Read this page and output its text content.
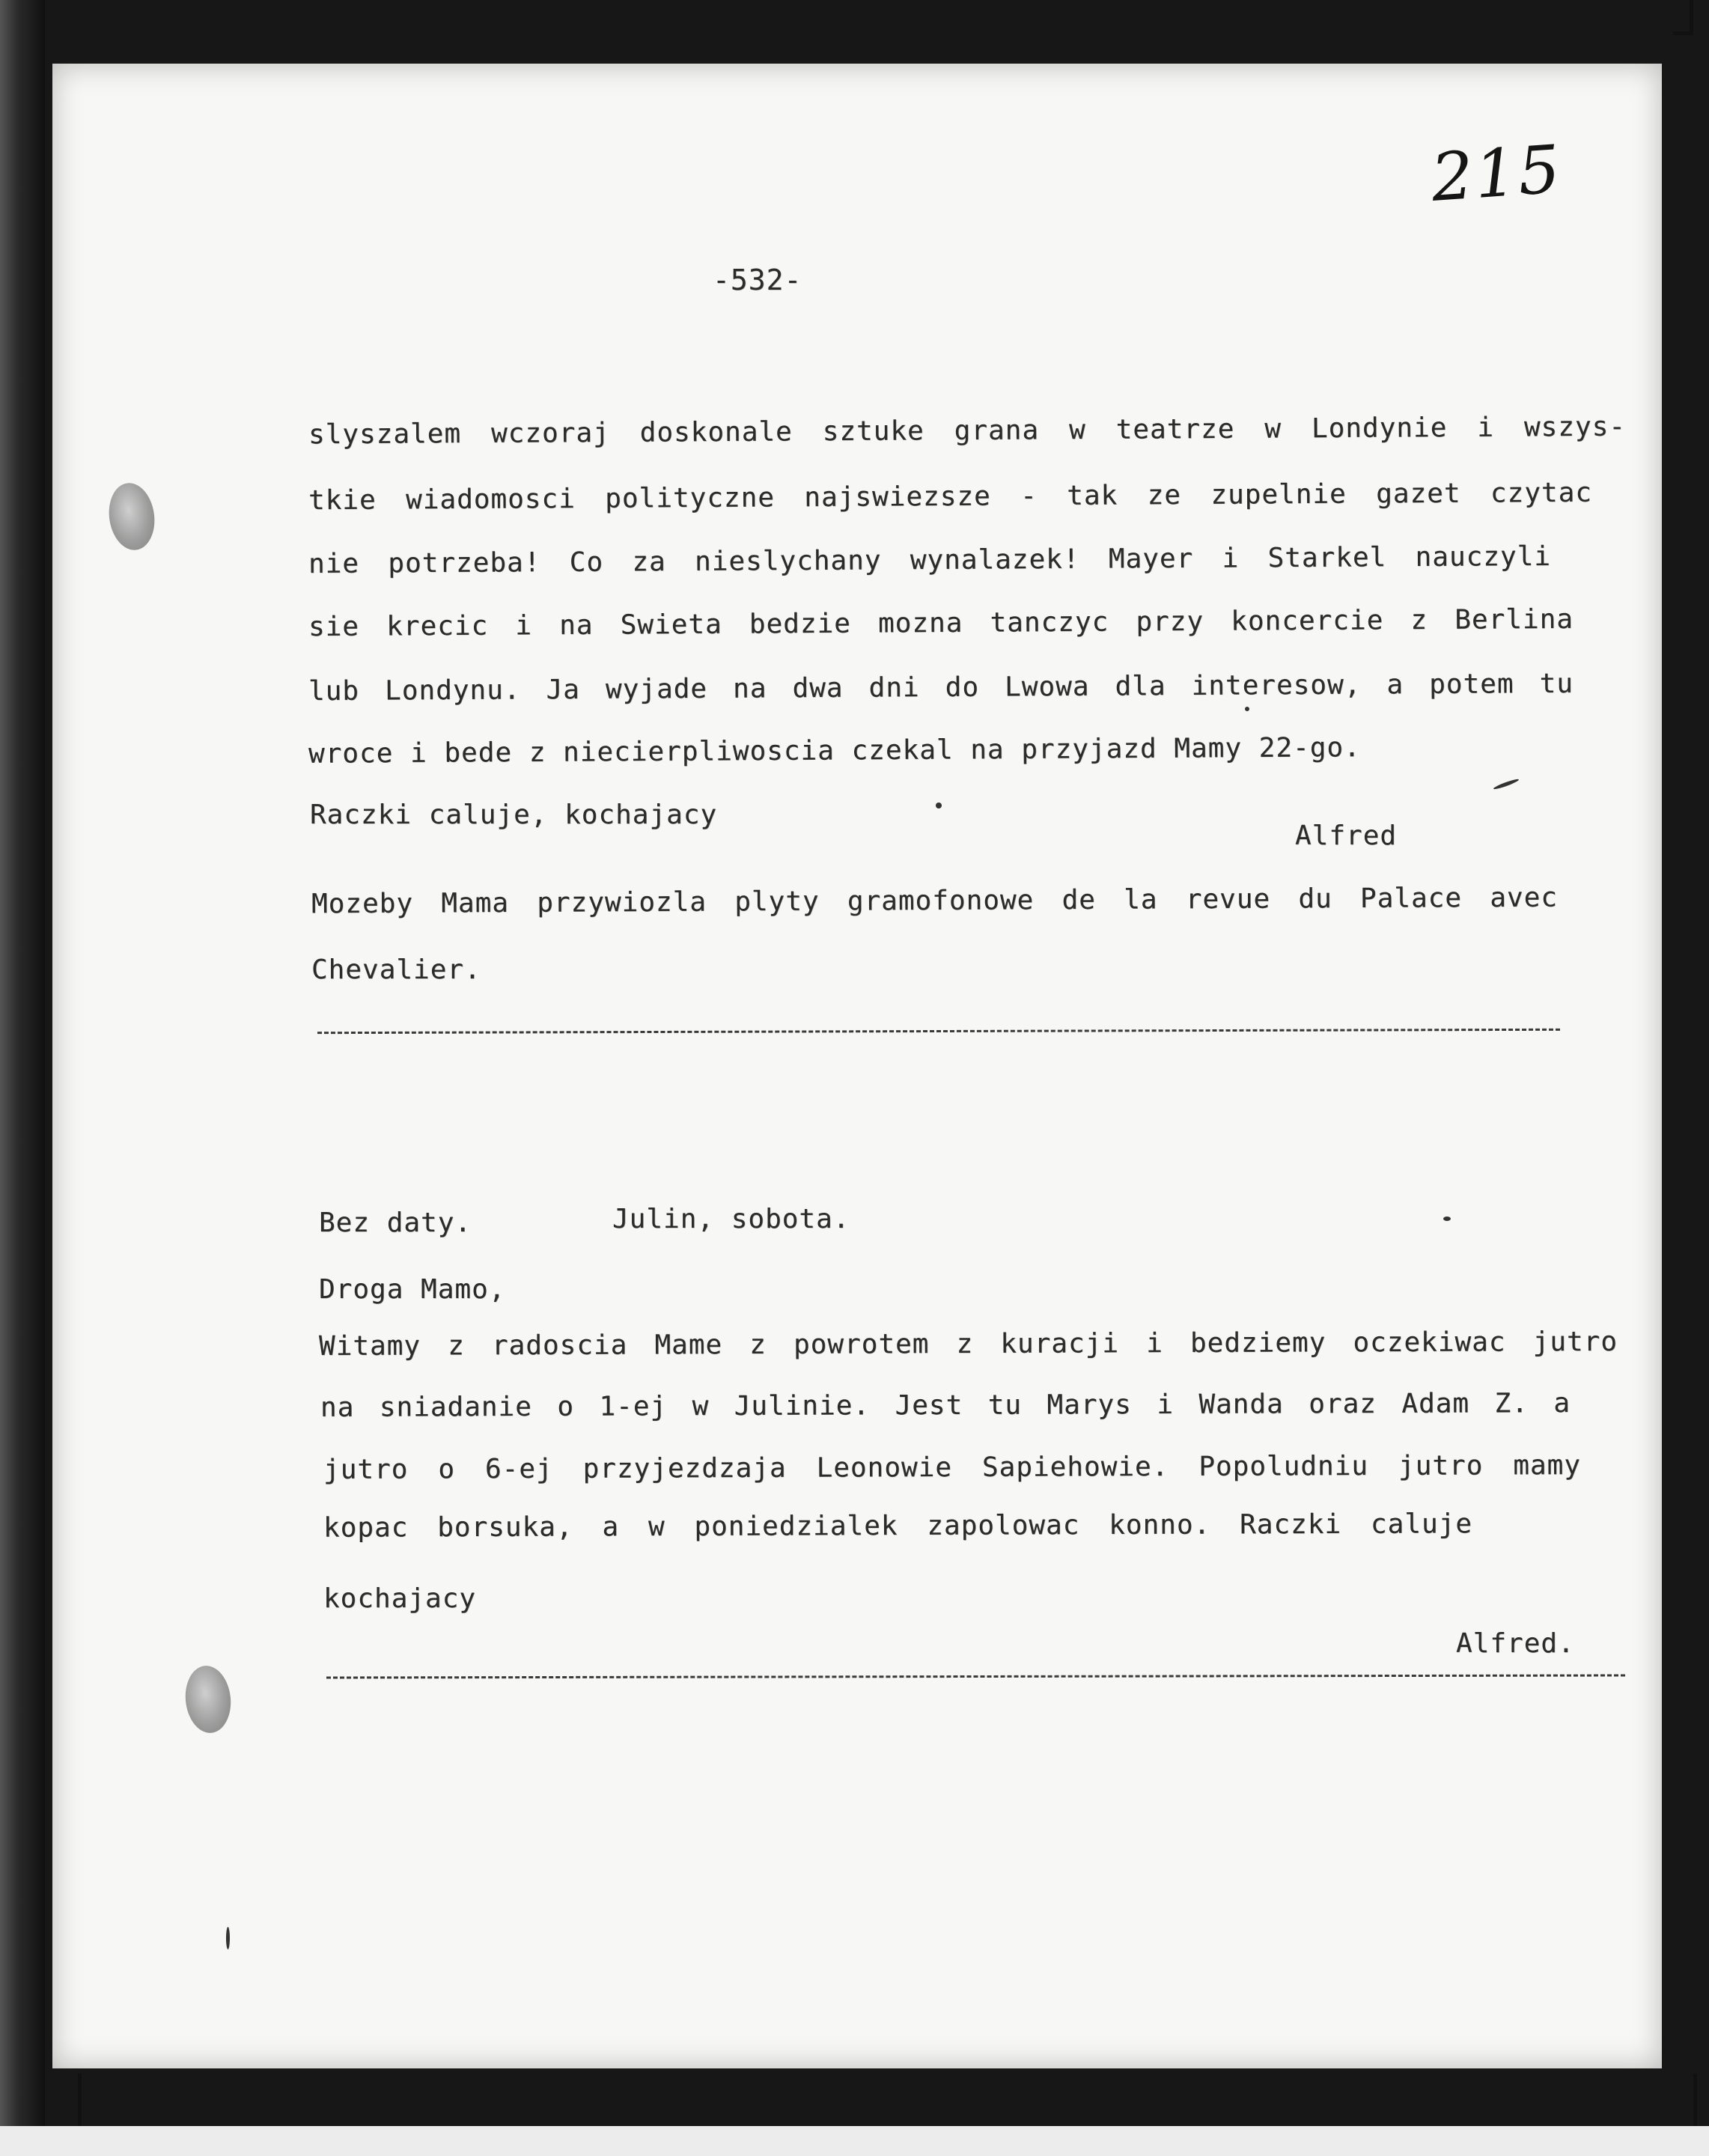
215
-532-
slyszalem wczoraj doskonale sztuke grana w teatrze w Londynie i wszys-
tkie wiadomosci polityczne najswiezsze - tak ze zupelnie gazet czytac
nie potrzeba! Co za nieslychany wynalazek! Mayer i Starkel nauczyli
sie krecic i na Swieta bedzie mozna tanczyc przy koncercie z Berlina
lub Londynu. Ja wyjade na dwa dni do Lwowa dla interesow, a potem tu
wroce i bede z niecierpliwoscia czekal na przyjazd Mamy 22-go.
Raczki caluje, kochajacy
Alfred
Mozeby Mama przywiozla plyty gramofonowe de la revue du Palace avec
Chevalier.
Bez daty.	Julin, sobota.
Droga Mamo,
Witamy z radoscia Mame z powrotem z kuracji i bedziemy oczekiwac jutro
na sniadanie o 1-ej w Julinie. Jest tu Marys i Wanda oraz Adam Z. a
jutro o 6-ej przyjezdzaja Leonowie Sapiehowie. Popoludniu jutro mamy
kopac borsuka, a w poniedzialek zapolowac konno. Raczki caluje
kochajacy
Alfred.
